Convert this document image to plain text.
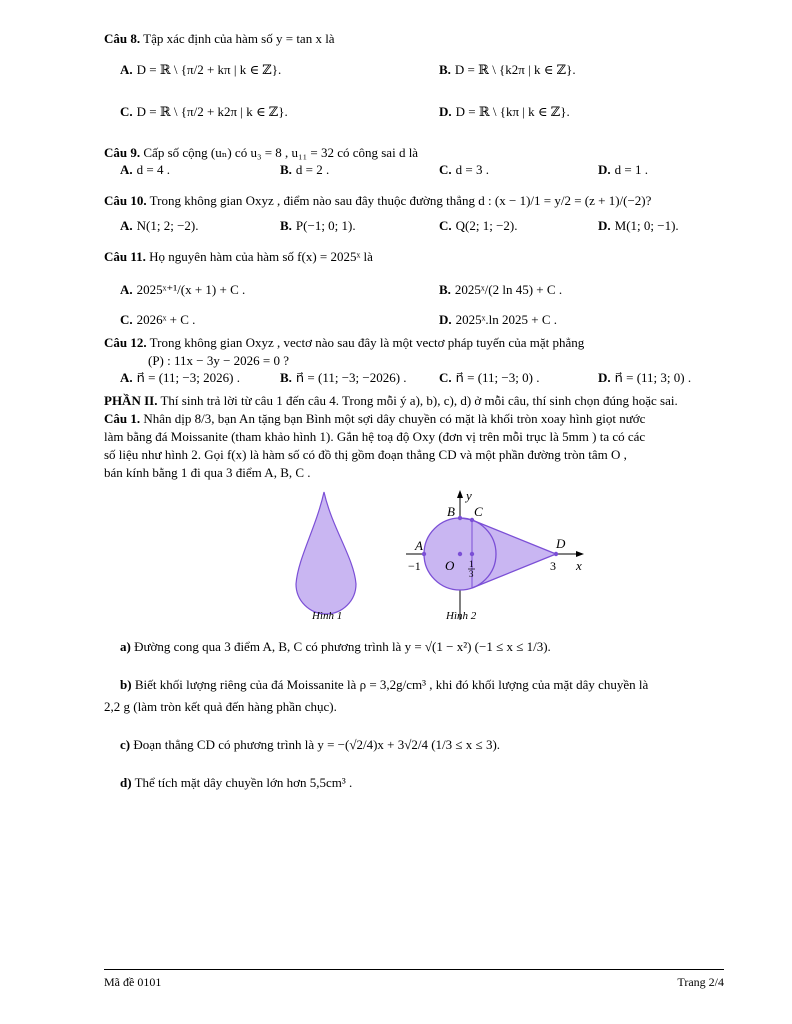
Câu 8. Tập xác định của hàm số y = tan x là

A. D = ℝ \ {π/2 + kπ | k ∈ ℤ}.	B. D = ℝ \ {k2π | k ∈ ℤ}.
C. D = ℝ \ {π/2 + k2π | k ∈ ℤ}.	D. D = ℝ \ {kπ | k ∈ ℤ}.

Câu 9. Cấp số cộng (uₙ) có u₃ = 8 , u₁₁ = 32 có công sai d là

A. d = 4 .	B. d = 2 .	C. d = 3 .	D. d = 1 .

Câu 10. Trong không gian Oxyz , điểm nào sau đây thuộc đường thẳng d : (x − 1)/1 = y/2 = (z + 1)/(−2)?

A. N(1; 2; −2).	B. P(−1; 0; 1).	C. Q(2; 1; −2).	D. M(1; 0; −1).

Câu 11. Họ nguyên hàm của hàm số f(x) = 2025ˣ là

A. 2025ˣ⁺¹/(x + 1) + C .	B. 2025ˣ/(2 ln 45) + C .
C. 2026ˣ + C .	D. 2025ˣ.ln 2025 + C .

Câu 12. Trong không gian Oxyz , vectơ nào sau đây là một vectơ pháp tuyến của mặt phẳng

(P) : 11x − 3y − 2026 = 0 ?

A. n⃗ = (11; −3; 2026) .	B. n⃗ = (11; −3; −2026) . C. n⃗ = (11; −3; 0) .	D. n⃗ = (11; 3; 0) .

PHẦN II. Thí sinh trả lời từ câu 1 đến câu 4. Trong mỗi ý a), b), c), d) ở mỗi câu, thí sinh chọn đúng hoặc sai.

Câu 1. Nhân dịp 8/3, bạn An tặng bạn Bình một sợi dây chuyền có mặt là khối tròn xoay hình giọt nước

làm bằng đá Moissanite (tham khảo hình 1). Gắn hệ toạ độ Oxy (đơn vị trên mỗi trục là 5mm ) ta có các

số liệu như hình 2. Gọi f(x) là hàm số có đồ thị gồm đoạn thẳng CD và một phần đường tròn tâm O ,

bán kính bằng 1 đi qua 3 điểm A, B, C .

y
x
A
B C
D
O
−1	3
1
3
Hình 1	Hình 2

a) Đường cong qua 3 điểm A, B, C có phương trình là y = √(1 − x²) (−1 ≤ x ≤ 1/3).

b) Biết khối lượng riêng của đá Moissanite là ρ = 3,2g/cm³ , khi đó khối lượng của mặt dây chuyền là

2,2 g (làm tròn kết quả đến hàng phần chục).

c) Đoạn thẳng CD có phương trình là y = −(√2/4)x + 3√2/4 (1/3 ≤ x ≤ 3).

d) Thể tích mặt dây chuyền lớn hơn 5,5cm³ .

Mã đề 0101	Trang 2/4
